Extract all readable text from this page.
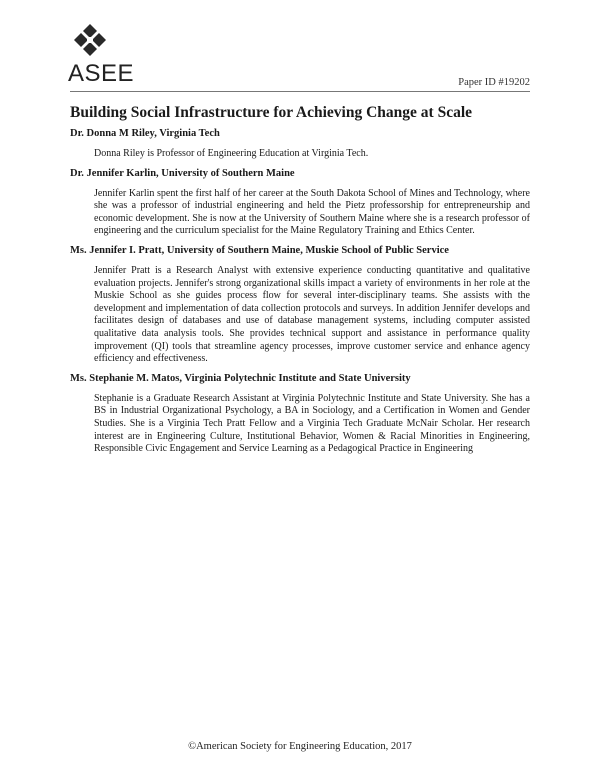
ASEE	Paper ID #19202
Building Social Infrastructure for Achieving Change at Scale

Dr. Donna M Riley, Virginia Tech

Donna Riley is Professor of Engineering Education at Virginia Tech.

Dr. Jennifer Karlin, University of Southern Maine

Jennifer Karlin spent the first half of her career at the South Dakota School of Mines and Technology, where she was a professor of industrial engineering and held the Pietz professorship for entrepreneurship and economic development. She is now at the University of Southern Maine where she is a research professor of engineering and the curriculum specialist for the Maine Regulatory Training and Ethics Center.

Ms. Jennifer I. Pratt, University of Southern Maine, Muskie School of Public Service

Jennifer Pratt is a Research Analyst with extensive experience conducting quantitative and qualitative evaluation projects. Jennifer's strong organizational skills impact a variety of environments in her role at the Muskie School as she guides process flow for several inter-disciplinary teams. She assists with the development and implementation of data collection protocols and surveys. In addition Jennifer develops and facilitates design of databases and use of database management systems, including computer assisted qualitative data analysis tools. She provides technical support and assistance in performance quality improvement (QI) tools that streamline agency processes, improve customer service and enhance agency efficiency and effectiveness.

Ms. Stephanie M. Matos, Virginia Polytechnic Institute and State University

Stephanie is a Graduate Research Assistant at Virginia Polytechnic Institute and State University. She has a BS in Industrial Organizational Psychology, a BA in Sociology, and a Certification in Women and Gender Studies. She is a Virginia Tech Pratt Fellow and a Virginia Tech Graduate McNair Scholar. Her research interest are in Engineering Culture, Institutional Behavior, Women & Racial Minorities in Engineering, Responsible Civic Engagement and Service Learning as a Pedagogical Practice in Engineering

©American Society for Engineering Education, 2017
